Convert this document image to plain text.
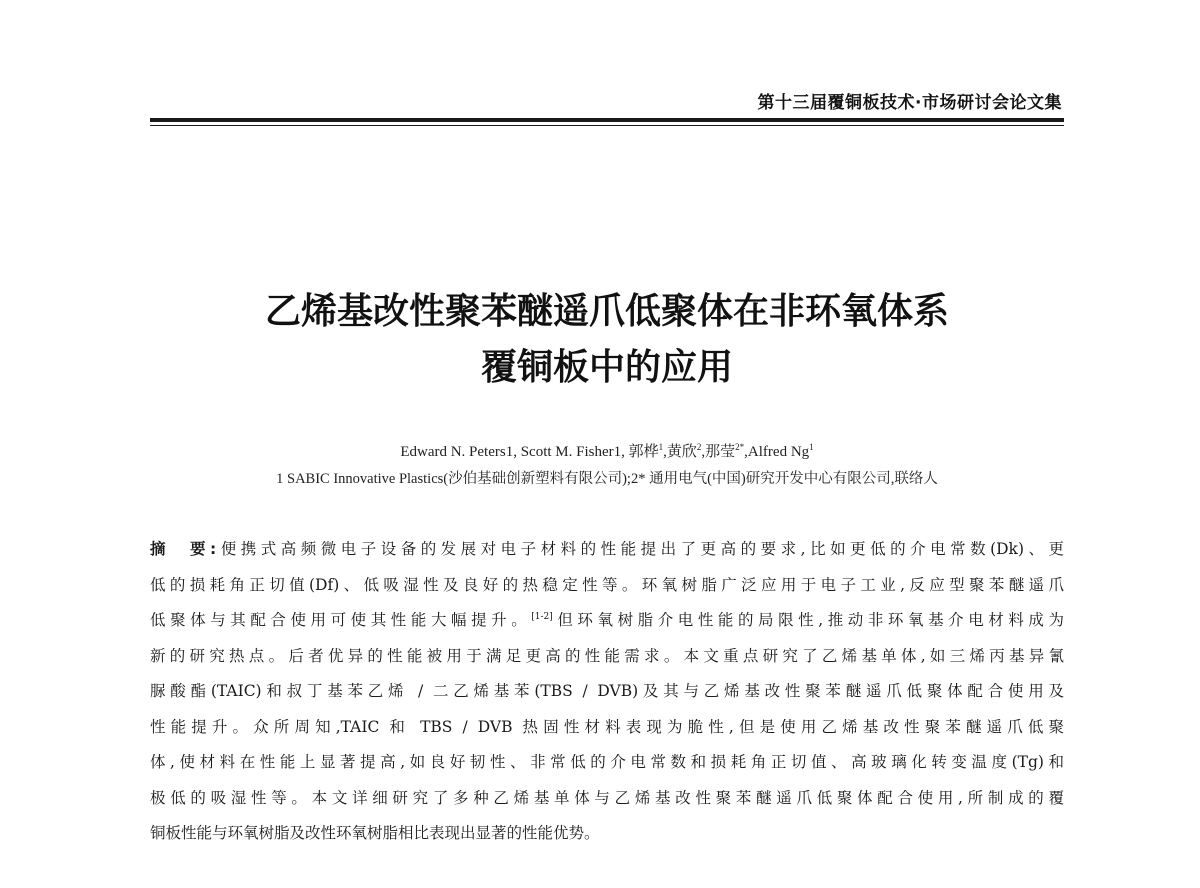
第十三届覆铜板技术·市场研讨会论文集
乙烯基改性聚苯醚遥爪低聚体在非环氧体系
覆铜板中的应用
Edward N. Peters1, Scott M. Fisher1, 郭桦$^1$,黄欣$^2$,那莹$^{2*}$,Alfred Ng$^1$
1 SABIC Innovative Plastics(沙伯基础创新塑料有限公司);2* 通用电气(中国)研究开发中心有限公司,联络人
摘　要:便携式高频微电子设备的发展对电子材料的性能提出了更高的要求,比如更低的介电常数(Dk)、更
低的损耗角正切值(Df)、低吸湿性及良好的热稳定性等。环氧树脂广泛应用于电子工业,反应型聚苯醚遥爪
低聚体与其配合使用可使其性能大幅提升。[1-2]但环氧树脂介电性能的局限性,推动非环氧基介电材料成为
新的研究热点。后者优异的性能被用于满足更高的性能需求。本文重点研究了乙烯基单体,如三烯丙基异氰
脲酸酯(TAIC)和叔丁基苯乙烯 / 二乙烯基苯(TBS / DVB)及其与乙烯基改性聚苯醚遥爪低聚体配合使用及
性能提升。众所周知,TAIC 和 TBS / DVB 热固性材料表现为脆性,但是使用乙烯基改性聚苯醚遥爪低聚
体,使材料在性能上显著提高,如良好韧性、非常低的介电常数和损耗角正切值、高玻璃化转变温度(Tg)和
极低的吸湿性等。本文详细研究了多种乙烯基单体与乙烯基改性聚苯醚遥爪低聚体配合使用,所制成的覆
铜板性能与环氧树脂及改性环氧树脂相比表现出显著的性能优势。
